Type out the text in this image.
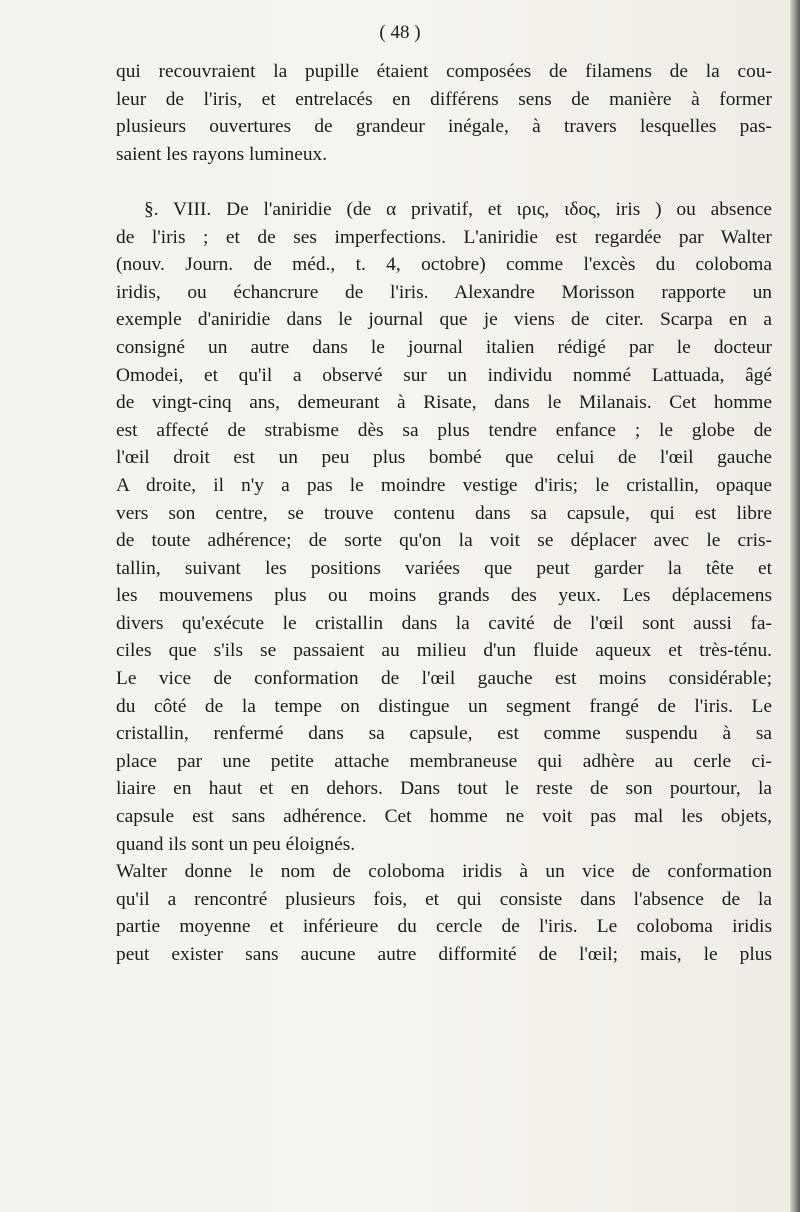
( 48 )
qui recouvraient la pupille étaient composées de filamens de la cou-
leur de l'iris, et entrelacés en différens sens de manière à former
plusieurs ouvertures de grandeur inégale, à travers lesquelles pas-
saient les rayons lumineux.
§. VIII. De l'aniridie (de α privatif, et ιρις, ιδος, iris ) ou absence
de l'iris ; et de ses imperfections. L'aniridie est regardée par Walter
(nouv. Journ. de méd., t. 4, octobre) comme l'excès du coloboma
iridis, ou échancrure de l'iris. Alexandre Morisson rapporte un
exemple d'aniridie dans le journal que je viens de citer. Scarpa en a
consigné un autre dans le journal italien rédigé par le docteur
Omodei, et qu'il a observé sur un individu nommé Lattuada, âgé
de vingt-cinq ans, demeurant à Risate, dans le Milanais. Cet homme
est affecté de strabisme dès sa plus tendre enfance ; le globe de
l'œil droit est un peu plus bombé que celui de l'œil gauche
A droite, il n'y a pas le moindre vestige d'iris; le cristallin, opaque
vers son centre, se trouve contenu dans sa capsule, qui est libre
de toute adhérence; de sorte qu'on la voit se déplacer avec le cris-
tallin, suivant les positions variées que peut garder la tête et
les mouvemens plus ou moins grands des yeux. Les déplacemens
divers qu'exécute le cristallin dans la cavité de l'œil sont aussi fa-
ciles que s'ils se passaient au milieu d'un fluide aqueux et très-ténu.
Le vice de conformation de l'œil gauche est moins considérable;
du côté de la tempe on distingue un segment frangé de l'iris. Le
cristallin, renfermé dans sa capsule, est comme suspendu à sa
place par une petite attache membraneuse qui adhère au cerle ci-
liaire en haut et en dehors. Dans tout le reste de son pourtour, la
capsule est sans adhérence. Cet homme ne voit pas mal les objets,
quand ils sont un peu éloignés.
Walter donne le nom de coloboma iridis à un vice de conformation
qu'il a rencontré plusieurs fois, et qui consiste dans l'absence de la
partie moyenne et inférieure du cercle de l'iris. Le coloboma iridis
peut exister sans aucune autre difformité de l'œil; mais, le plus
